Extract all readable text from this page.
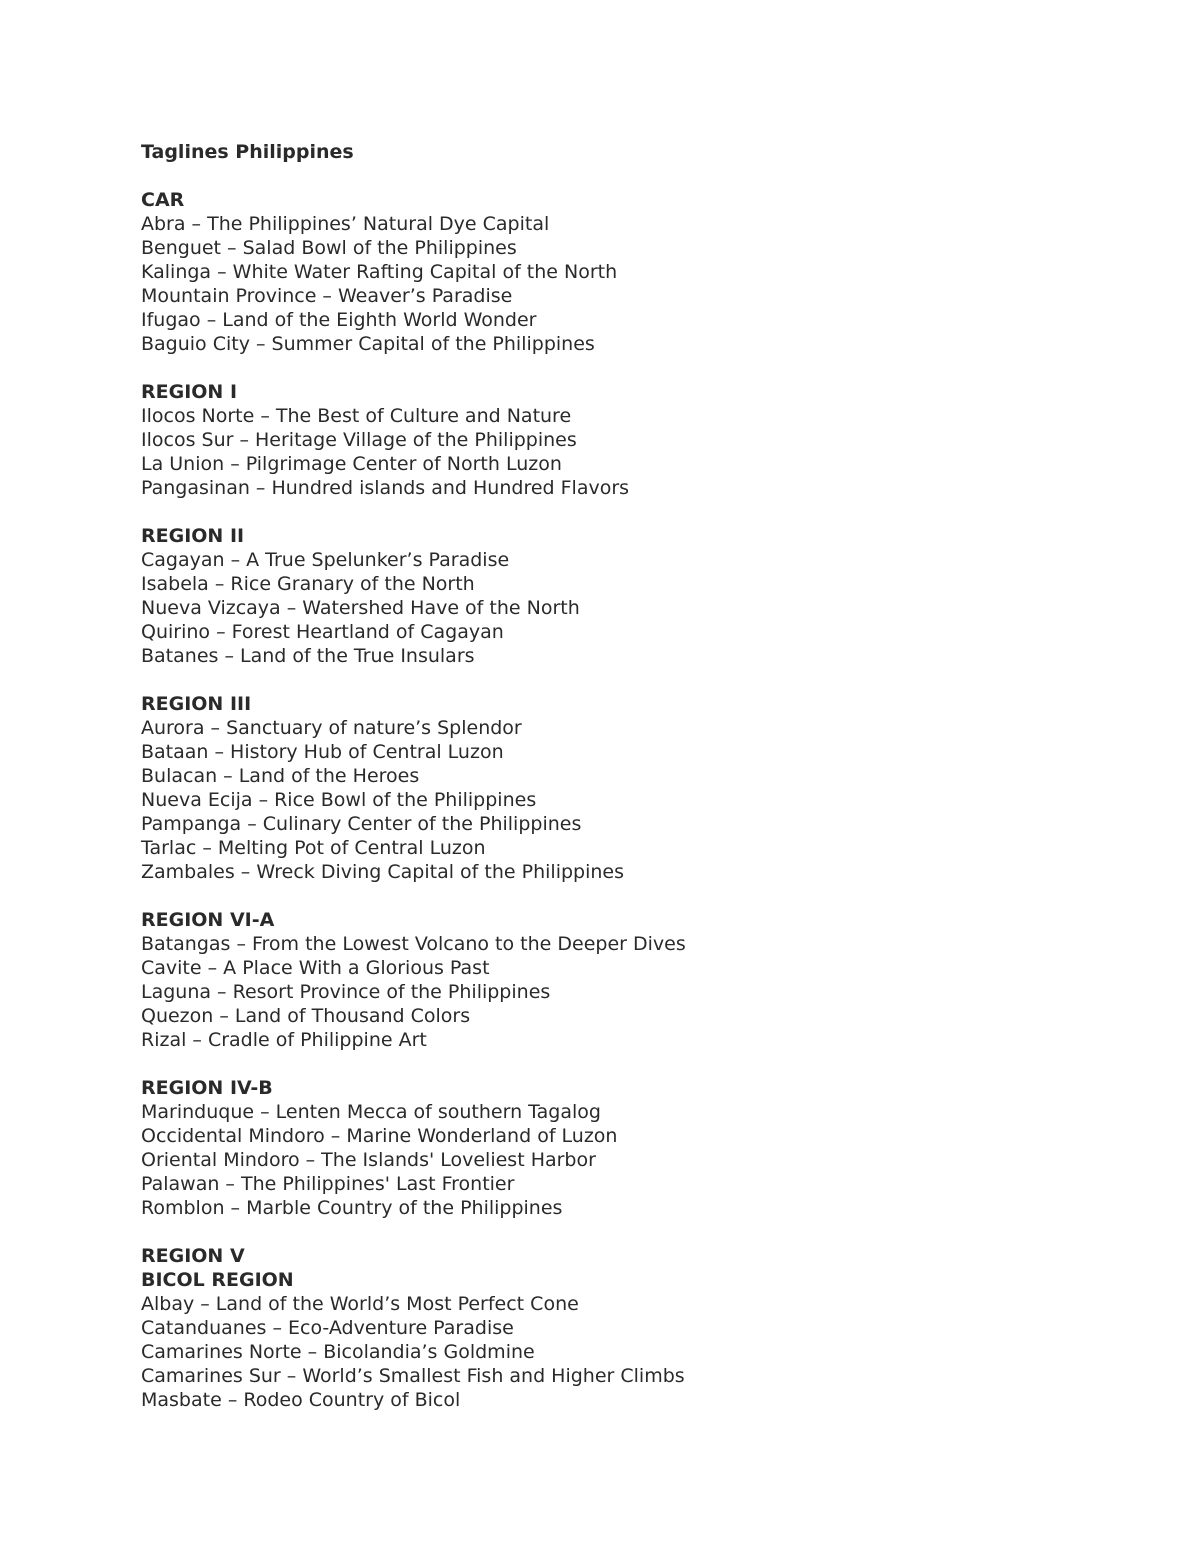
Taglines Philippines
CAR
Abra – The Philippines’ Natural Dye Capital
Benguet – Salad Bowl of the Philippines
Kalinga – White Water Rafting Capital of the North
Mountain Province – Weaver’s Paradise
Ifugao – Land of the Eighth World Wonder
Baguio City – Summer Capital of the Philippines
REGION I
Ilocos Norte – The Best of Culture and Nature
Ilocos Sur – Heritage Village of the Philippines
La Union – Pilgrimage Center of North Luzon
Pangasinan – Hundred islands and Hundred Flavors
REGION II
Cagayan – A True Spelunker’s Paradise
Isabela – Rice Granary of the North
Nueva Vizcaya – Watershed Have of the North
Quirino – Forest Heartland of Cagayan
Batanes – Land of the True Insulars
REGION III
Aurora – Sanctuary of nature’s Splendor
Bataan – History Hub of Central Luzon
Bulacan – Land of the Heroes
Nueva Ecija – Rice Bowl of the Philippines
Pampanga – Culinary Center of the Philippines
Tarlac – Melting Pot of Central Luzon
Zambales – Wreck Diving Capital of the Philippines
REGION VI-A
Batangas – From the Lowest Volcano to the Deeper Dives
Cavite – A Place With a Glorious Past
Laguna – Resort Province of the Philippines
Quezon – Land of Thousand Colors
Rizal – Cradle of Philippine Art
REGION IV-B
Marinduque – Lenten Mecca of southern Tagalog
Occidental Mindoro – Marine Wonderland of Luzon
Oriental Mindoro – The Islands' Loveliest Harbor
Palawan – The Philippines' Last Frontier
Romblon – Marble Country of the Philippines
REGION V
BICOL REGION
Albay – Land of the World’s Most Perfect Cone
Catanduanes – Eco-Adventure Paradise
Camarines Norte – Bicolandia’s Goldmine
Camarines Sur – World’s Smallest Fish and Higher Climbs
Masbate – Rodeo Country of Bicol
